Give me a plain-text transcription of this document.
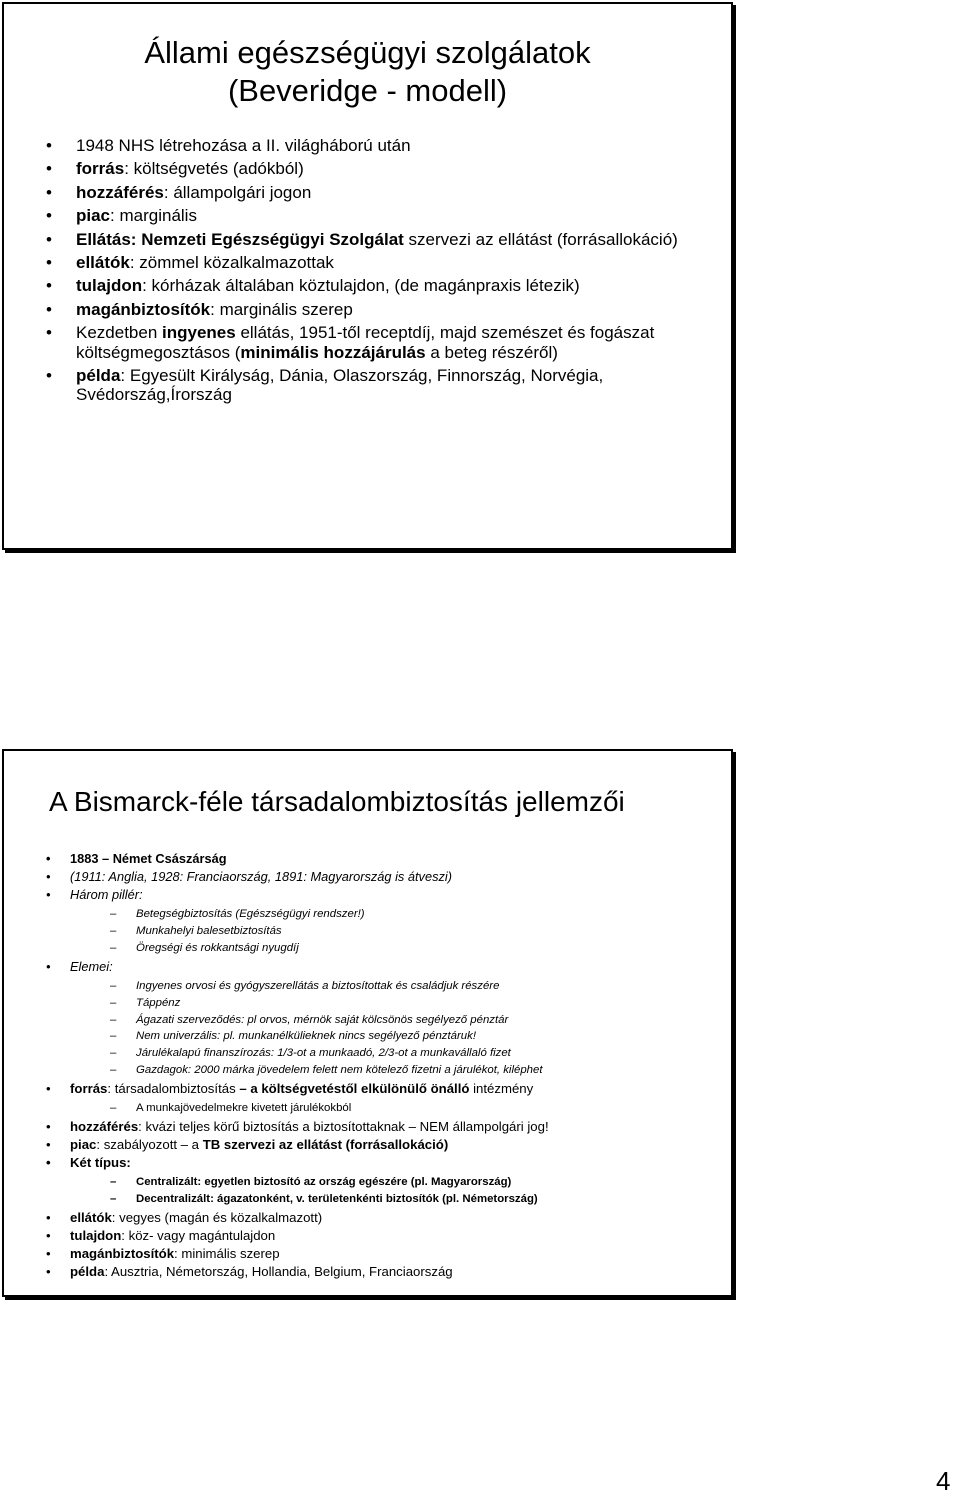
Állami egészségügyi szolgálatok
(Beveridge - modell)
• 1948 NHS létrehozása a II. világháború után
• forrás: költségvetés (adókból)
• hozzáférés: állampolgári jogon
• piac: marginális
• Ellátás: Nemzeti Egészségügyi Szolgálat szervezi az ellátást (forrásallokáció)
• ellátók: zömmel közalkalmazottak
• tulajdon: kórházak általában köztulajdon, (de magánpraxis létezik)
• magánbiztosítók: marginális szerep
• Kezdetben ingyenes ellátás, 1951-től receptdíj, majd szemészet és fogászat költségmegosztásos (minimális hozzájárulás a beteg részéről)
• példa: Egyesült Királyság, Dánia, Olaszország, Finnország, Norvégia, Svédország,Írország
A Bismarck-féle társadalombiztosítás jellemzői
• 1883 – Német Császárság
• (1911: Anglia, 1928: Franciaország, 1891: Magyarország is átveszi)
• Három pillér:
– Betegségbiztosítás (Egészségügyi rendszer!)
– Munkahelyi balesetbiztosítás
– Öregségi és rokkantsági nyugdíj
• Elemei:
– Ingyenes orvosi és gyógyszerellátás a biztosítottak és családjuk részére
– Táppénz
– Ágazati szerveződés: pl orvos, mérnök saját kölcsönös segélyező pénztár
– Nem univerzális: pl. munkanélkülieknek nincs segélyező pénztáruk!
– Járulékalapú finanszírozás: 1/3-ot a munkaadó, 2/3-ot a munkavállaló fizet
– Gazdagok: 2000 márka jövedelem felett nem kötelező fizetni a járulékot, kiléphet
• forrás: társadalombiztosítás – a költségvetéstől elkülönülő önálló intézmény
– A munkajövedelmekre kivetett járulékokból
• hozzáférés: kvázi teljes körű biztosítás a biztosítottaknak – NEM állampolgári jog!
• piac: szabályozott – a TB szervezi az ellátást (forrásallokáció)
• Két típus:
– Centralizált: egyetlen biztosító az ország egészére (pl. Magyarország)
– Decentralizált: ágazatonként, v. területenkénti biztosítók (pl. Németország)
• ellátók: vegyes (magán és közalkalmazott)
• tulajdon: köz- vagy magántulajdon
• magánbiztosítók: minimális szerep
• példa: Ausztria, Németország, Hollandia, Belgium, Franciaország
4
